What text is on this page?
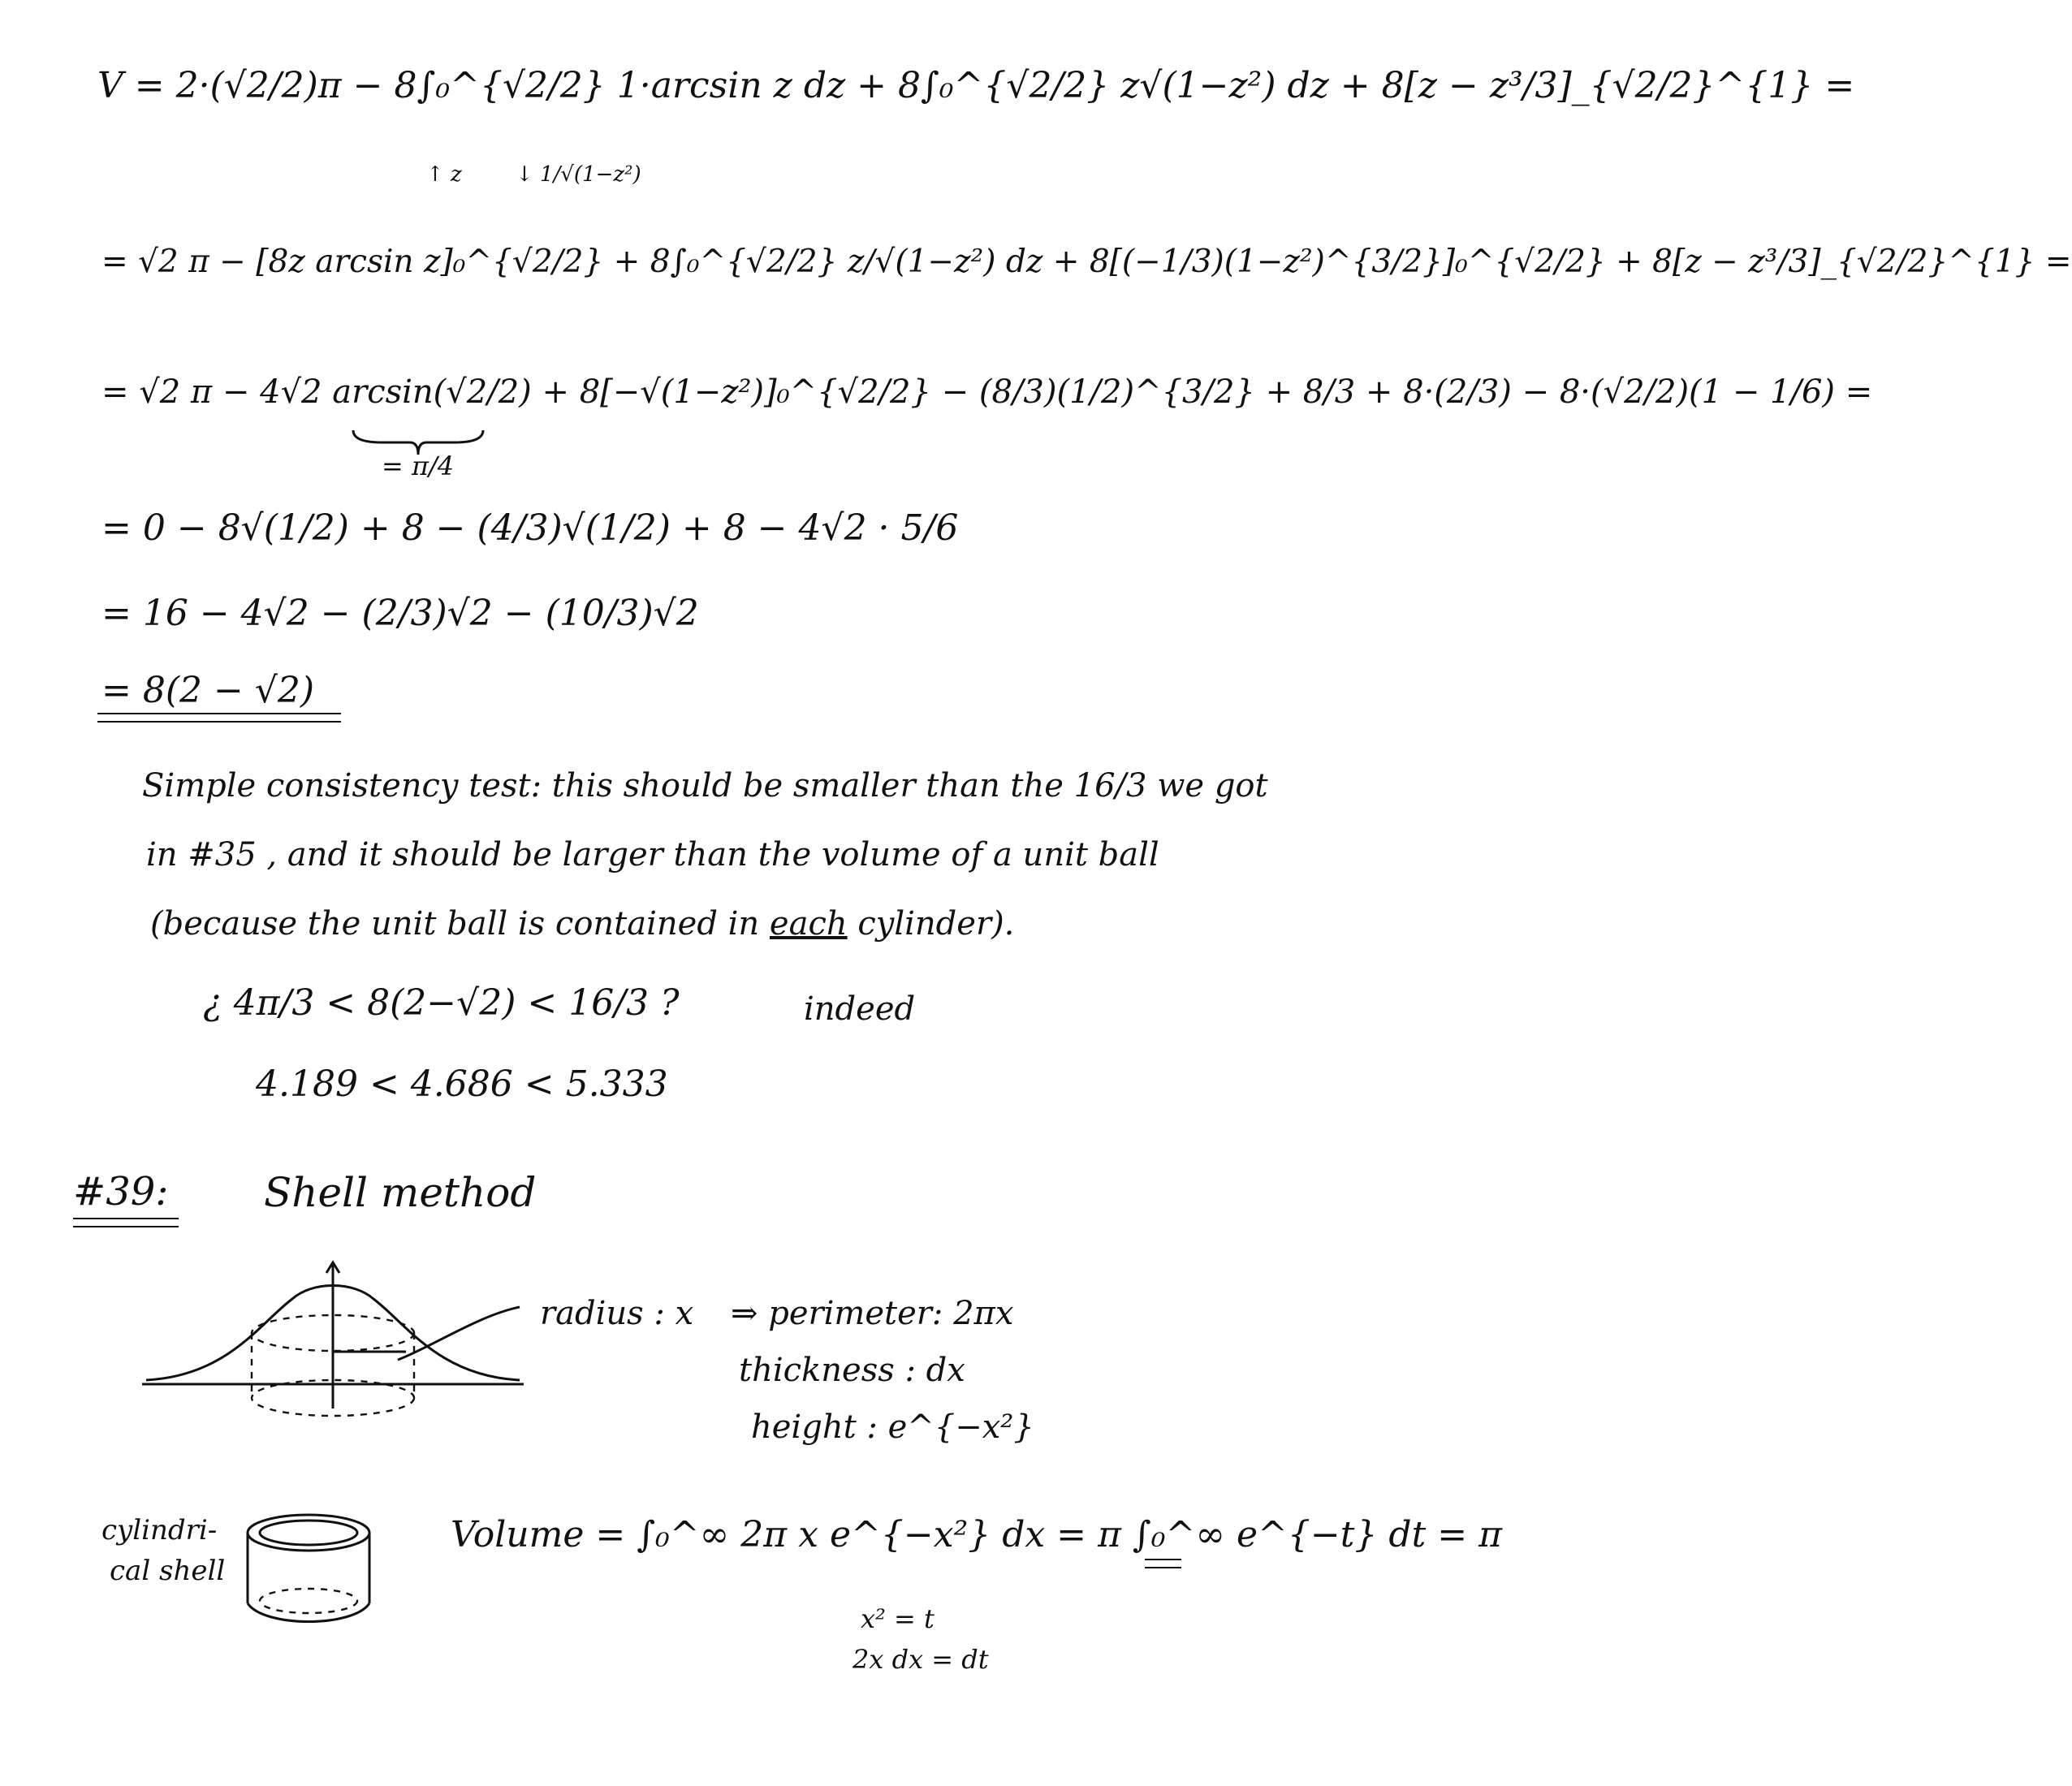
V = 2·(√2/2)π − 8∫₀^{√2/2} 1·arcsin z dz + 8∫₀^{√2/2} z√(1−z²) dz + 8[z − z³/3]_{√2/2}^{1} =
↑ z	↓ 1/√(1−z²)
= √2 π − [8z arcsin z]₀^{√2/2} + 8∫₀^{√2/2} z/√(1−z²) dz + 8[(−1/3)(1−z²)^{3/2}]₀^{√2/2} + 8[z − z³/3]_{√2/2}^{1} =
= √2 π − 4√2 arcsin(√2/2) + 8[−√(1−z²)]₀^{√2/2} − (8/3)(1/2)^{3/2} + 8/3 + 8·(2/3) − 8·(√2/2)(1 − 1/6) =
= π/4
= 0 − 8√(1/2) + 8 − (4/3)√(1/2) + 8 − 4√2 · 5/6
= 16 − 4√2 − (2/3)√2 − (10/3)√2
= 8(2 − √2)
Simple consistency test: this should be smaller than the 16/3 we got
in #35 , and it should be larger than the volume of a unit ball
(because the unit ball is contained in each cylinder).
¿ 4π/3 < 8(2−√2) < 16/3 ?	indeed
4.189 < 4.686 < 5.333
#39: Shell method
radius : x ⇒ perimeter: 2πx
thickness : dx
height : e^{−x²}
cylindri-
cal shell
Volume = ∫₀^∞ 2π x e^{−x²} dx = π ∫₀^∞ e^{−t} dt = π
x² = t
2x dx = dt
